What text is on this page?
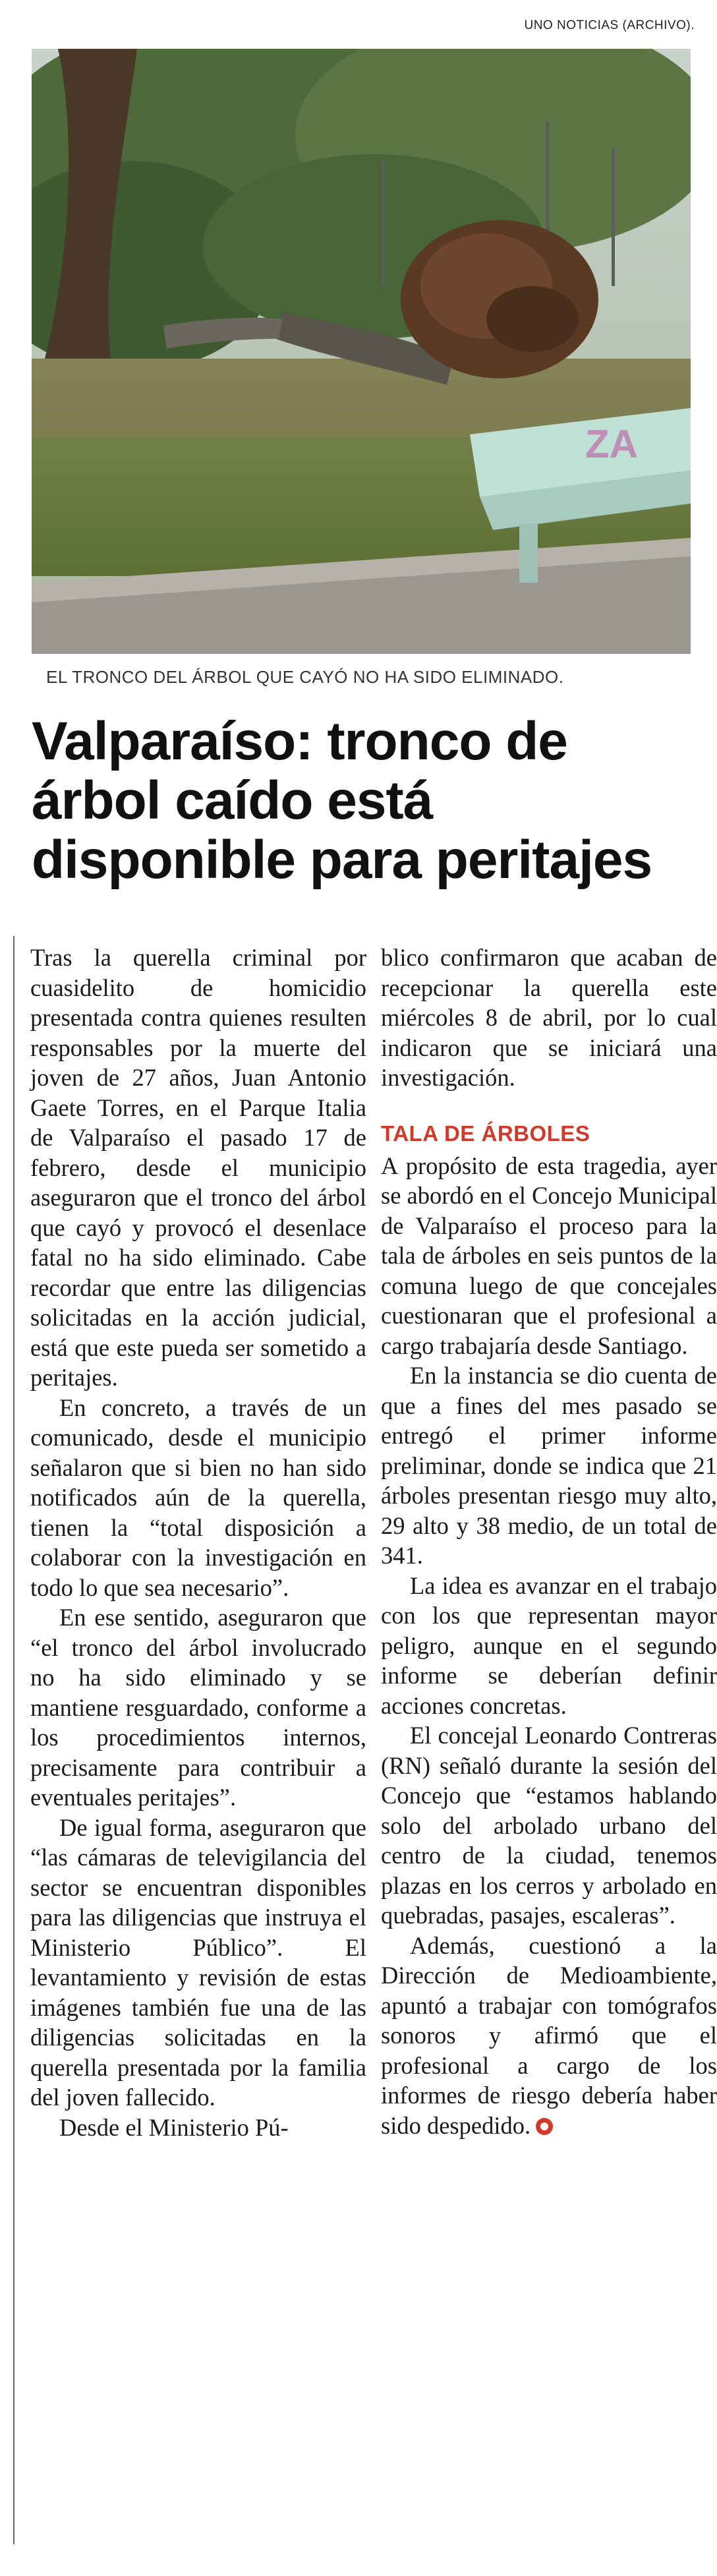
UNO NOTICIAS (ARCHIVO).
ZA
EL TRONCO DEL ÁRBOL QUE CAYÓ NO HA SIDO ELIMINADO.
Valparaíso: tronco de árbol caído está disponible para peritajes

Tras la querella criminal por cuasidelito de homicidio presentada contra quienes resulten responsables por la muerte del joven de 27 años, Juan Antonio Gaete Torres, en el Parque Italia de Valparaíso el pasado 17 de febrero, desde el municipio aseguraron que el tronco del árbol que cayó y provocó el desenlace fatal no ha sido eliminado. Cabe recordar que entre las diligencias solicitadas en la acción judicial, está que este pueda ser sometido a peritajes.

En concreto, a través de un comunicado, desde el municipio señalaron que si bien no han sido notificados aún de la querella, tienen la “total disposición a colaborar con la investigación en todo lo que sea necesario”.

En ese sentido, aseguraron que “el tronco del árbol involucrado no ha sido eliminado y se mantiene resguardado, conforme a los procedimientos internos, precisamente para contribuir a eventuales peritajes”.

De igual forma, aseguraron que “las cámaras de televigilancia del sector se encuentran disponibles para las diligencias que instruya el Ministerio Público”. El levantamiento y revisión de estas imágenes también fue una de las diligencias solicitadas en la querella presentada por la familia del joven fallecido.

Desde el Ministerio Pú-

blico confirmaron que acaban de recepcionar la querella este miércoles 8 de abril, por lo cual indicaron que se iniciará una investigación.

TALA DE ÁRBOLES

A propósito de esta tragedia, ayer se abordó en el Concejo Municipal de Valparaíso el proceso para la tala de árboles en seis puntos de la comuna luego de que concejales cuestionaran que el profesional a cargo trabajaría desde Santiago.

En la instancia se dio cuenta de que a fines del mes pasado se entregó el primer informe preliminar, donde se indica que 21 árboles presentan riesgo muy alto, 29 alto y 38 medio, de un total de 341.

La idea es avanzar en el trabajo con los que representan mayor peligro, aunque en el segundo informe se deberían definir acciones concretas.

El concejal Leonardo Contreras (RN) señaló durante la sesión del Concejo que “estamos hablando solo del arbolado urbano del centro de la ciudad, tenemos plazas en los cerros y arbolado en quebradas, pasajes, escaleras”.

Además, cuestionó a la Dirección de Medioambiente, apuntó a trabajar con tomógrafos sonoros y afirmó que el profesional a cargo de los informes de riesgo debería haber sido despedido.
